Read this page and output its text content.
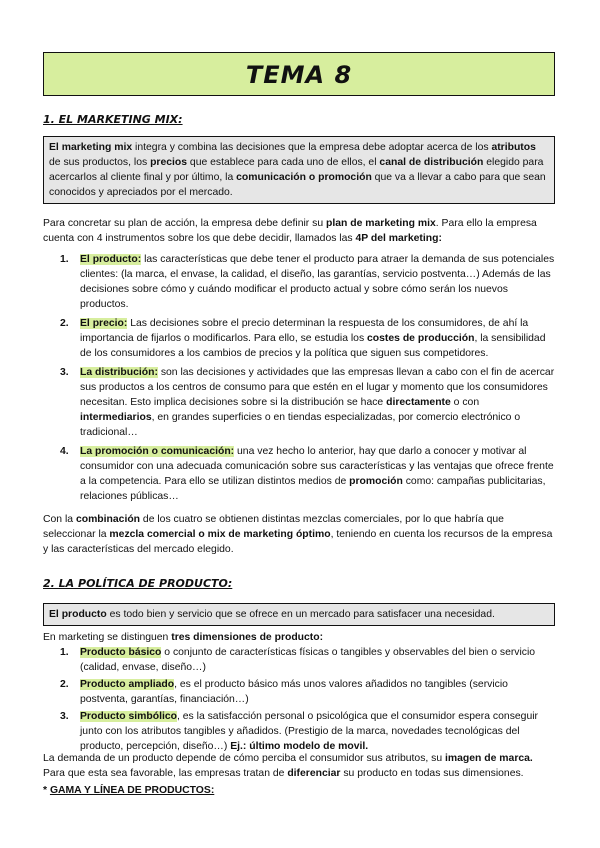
TEMA 8
1. EL MARKETING MIX:
El marketing mix integra y combina las decisiones que la empresa debe adoptar acerca de los atributos de sus productos, los precios que establece para cada uno de ellos, el canal de distribución elegido para acercarlos al cliente final y por último, la comunicación o promoción que va a llevar a cabo para que sean conocidos y apreciados por el mercado.
Para concretar su plan de acción, la empresa debe definir su plan de marketing mix. Para ello la empresa cuenta con 4 instrumentos sobre los que debe decidir, llamados las 4P del marketing:
1. El producto: las características que debe tener el producto para atraer la demanda de sus potenciales clientes: (la marca, el envase, la calidad, el diseño, las garantías, servicio postventa…) Además de las decisiones sobre cómo y cuándo modificar el producto actual y sobre cómo serán los nuevos productos.
2. El precio: Las decisiones sobre el precio determinan la respuesta de los consumidores, de ahí la importancia de fijarlos o modificarlos. Para ello, se estudia los costes de producción, la sensibilidad de los consumidores a los cambios de precios y la política que siguen sus competidores.
3. La distribución: son las decisiones y actividades que las empresas llevan a cabo con el fin de acercar sus productos a los centros de consumo para que estén en el lugar y momento que los consumidores necesitan. Esto implica decisiones sobre si la distribución se hace directamente o con intermediarios, en grandes superficies o en tiendas especializadas, por comercio electrónico o tradicional…
4. La promoción o comunicación: una vez hecho lo anterior, hay que darlo a conocer y motivar al consumidor con una adecuada comunicación sobre sus características y las ventajas que ofrece frente a la competencia. Para ello se utilizan distintos medios de promoción como: campañas publicitarias, relaciones públicas…
Con la combinación de los cuatro se obtienen distintas mezclas comerciales, por lo que habría que seleccionar la mezcla comercial o mix de marketing óptimo, teniendo en cuenta los recursos de la empresa y las características del mercado elegido.
2. LA POLÍTICA DE PRODUCTO:
El producto es todo bien y servicio que se ofrece en un mercado para satisfacer una necesidad.
En marketing se distinguen tres dimensiones de producto:
1. Producto básico o conjunto de características físicas o tangibles y observables del bien o servicio (calidad, envase, diseño…)
2. Producto ampliado, es el producto básico más unos valores añadidos no tangibles (servicio postventa, garantías, financiación…)
3. Producto simbólico, es la satisfacción personal o psicológica que el consumidor espera conseguir junto con los atributos tangibles y añadidos. (Prestigio de la marca, novedades tecnológicas del producto, percepción, diseño…) Ej.: último modelo de movil.
La demanda de un producto depende de cómo perciba el consumidor sus atributos, su imagen de marca. Para que esta sea favorable, las empresas tratan de diferenciar su producto en todas sus dimensiones.
* GAMA Y LÍNEA DE PRODUCTOS:
